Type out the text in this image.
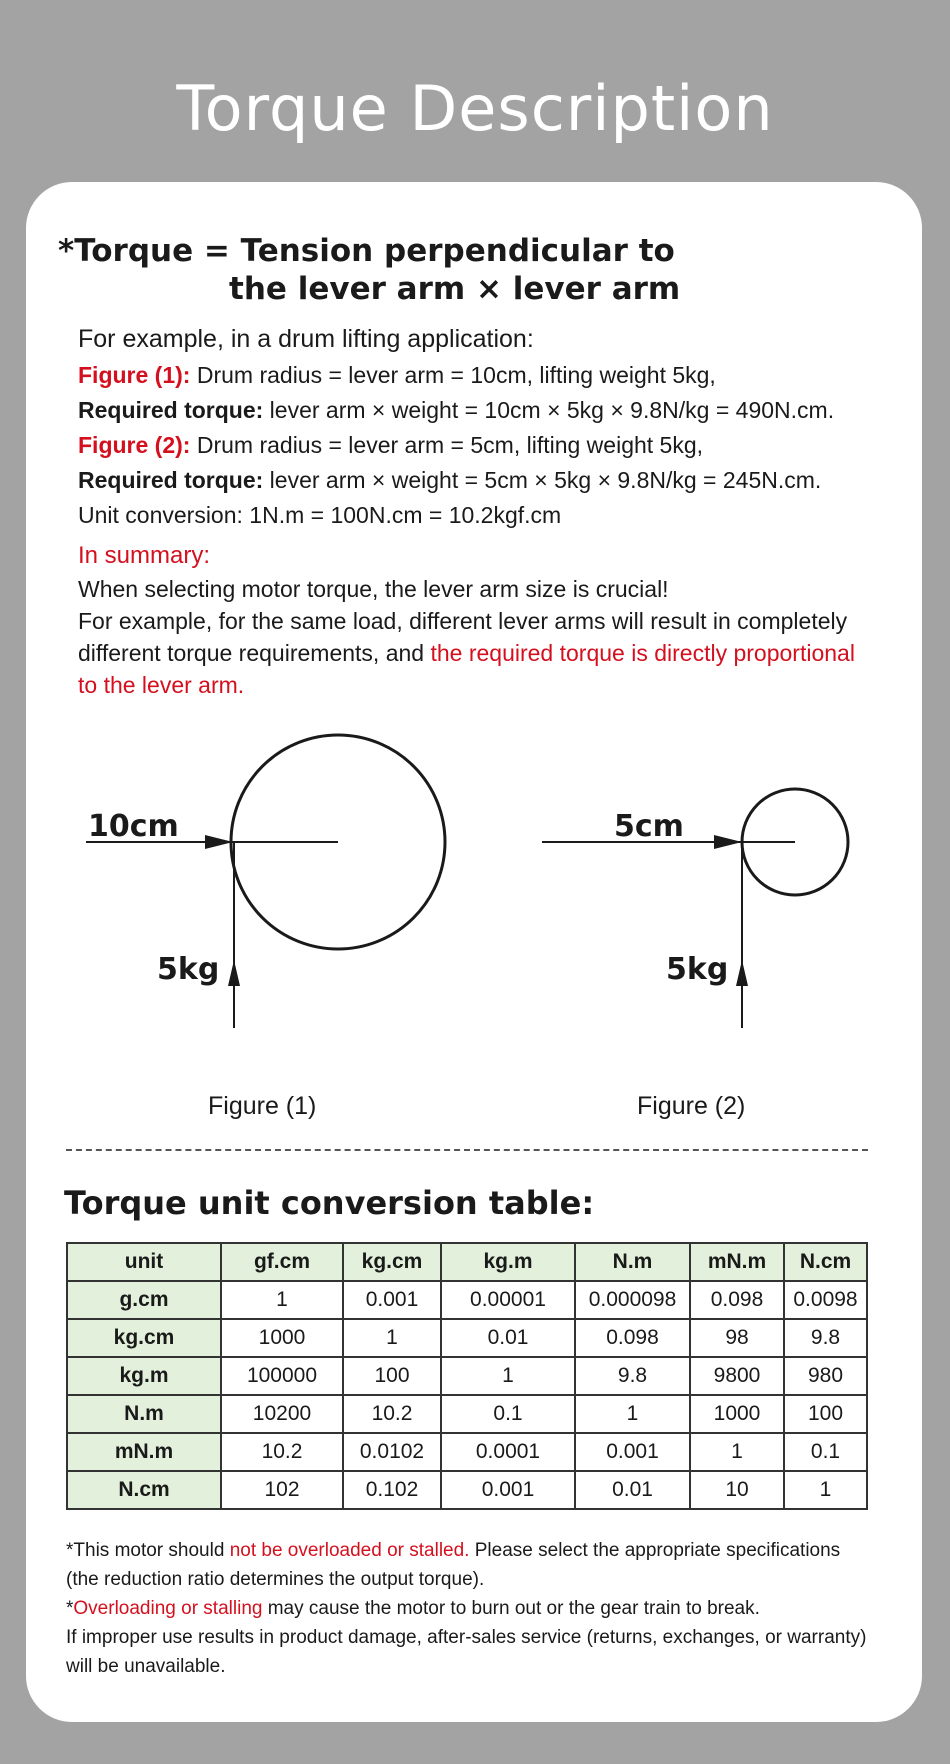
Torque Description
*Torque = Tension perpendicular to
the lever arm × lever arm
For example, in a drum lifting application:
Figure (1): Drum radius = lever arm = 10cm, lifting weight 5kg,
Required torque: lever arm × weight = 10cm × 5kg × 9.8N/kg = 490N.cm.
Figure (2): Drum radius = lever arm = 5cm, lifting weight 5kg,
Required torque: lever arm × weight = 5cm × 5kg × 9.8N/kg = 245N.cm.
Unit conversion: 1N.m = 100N.cm = 10.2kgf.cm
In summary:
When selecting motor torque, the lever arm size is crucial!
For example, for the same load, different lever arms will result in completely
different torque requirements, and the required torque is directly proportional
to the lever arm.
10cm
5kg
5cm
5kg
Figure (1)	Figure (2)
Torque unit conversion table:
unit	gf.cm	kg.cm	kg.m	N.m	mN.m	N.cm
g.cm	1	0.001	0.00001	0.000098	0.098	0.0098
kg.cm	1000	1	0.01	0.098	98	9.8
kg.m	100000	100	1	9.8	9800	980
N.m	10200	10.2	0.1	1	1000	100
mN.m	10.2	0.0102	0.0001	0.001	1	0.1
N.cm	102	0.102	0.001	0.01	10	1
*This motor should not be overloaded or stalled. Please select the appropriate specifications
(the reduction ratio determines the output torque).
*Overloading or stalling may cause the motor to burn out or the gear train to break.
If improper use results in product damage, after-sales service (returns, exchanges, or warranty)
will be unavailable.
